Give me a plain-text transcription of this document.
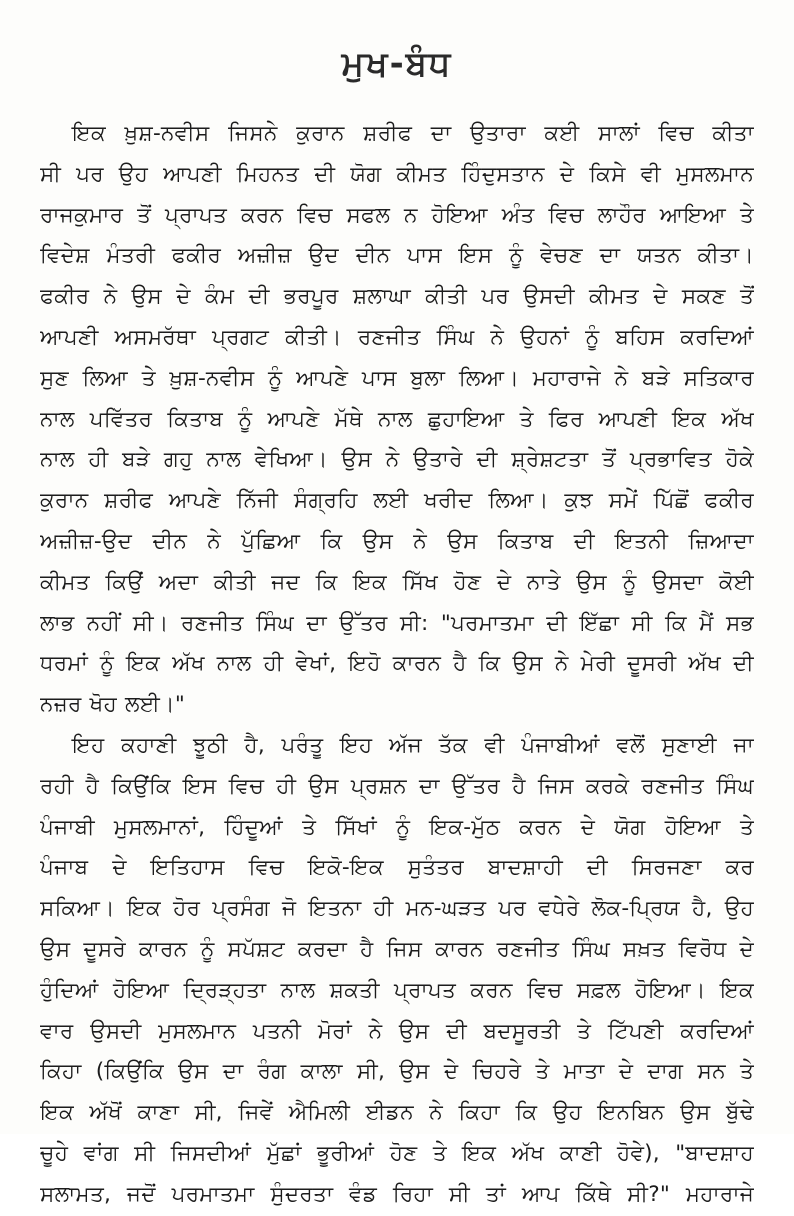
ਮੁਖ-ਬੰਧ

ਇਕ ਖ਼ੁਸ਼-ਨਵੀਸ ਜਿਸਨੇ ਕੁਰਾਨ ਸ਼ਰੀਫ ਦਾ ਉਤਾਰਾ ਕਈ ਸਾਲਾਂ ਵਿਚ ਕੀਤਾ
ਸੀ ਪਰ ਉਹ ਆਪਣੀ ਮਿਹਨਤ ਦੀ ਯੋਗ ਕੀਮਤ ਹਿੰਦੁਸਤਾਨ ਦੇ ਕਿਸੇ ਵੀ ਮੁਸਲਮਾਨ
ਰਾਜਕੁਮਾਰ ਤੋਂ ਪ੍ਰਾਪਤ ਕਰਨ ਵਿਚ ਸਫਲ ਨ ਹੋਇਆ ਅੰਤ ਵਿਚ ਲਾਹੌਰ ਆਇਆ ਤੇ
ਵਿਦੇਸ਼ ਮੰਤਰੀ ਫਕੀਰ ਅਜ਼ੀਜ਼ ਉਦ ਦੀਨ ਪਾਸ ਇਸ ਨੂੰ ਵੇਚਣ ਦਾ ਯਤਨ ਕੀਤਾ।
ਫਕੀਰ ਨੇ ਉਸ ਦੇ ਕੰਮ ਦੀ ਭਰਪੂਰ ਸ਼ਲਾਘਾ ਕੀਤੀ ਪਰ ਉਸਦੀ ਕੀਮਤ ਦੇ ਸਕਣ ਤੋਂ
ਆਪਣੀ ਅਸਮਰੱਥਾ ਪ੍ਰਗਟ ਕੀਤੀ। ਰਣਜੀਤ ਸਿੰਘ ਨੇ ਉਹਨਾਂ ਨੂੰ ਬਹਿਸ ਕਰਦਿਆਂ
ਸੁਣ ਲਿਆ ਤੇ ਖ਼ੁਸ਼-ਨਵੀਸ ਨੂੰ ਆਪਣੇ ਪਾਸ ਬੁਲਾ ਲਿਆ। ਮਹਾਰਾਜੇ ਨੇ ਬੜੇ ਸਤਿਕਾਰ
ਨਾਲ ਪਵਿੱਤਰ ਕਿਤਾਬ ਨੂੰ ਆਪਣੇ ਮੱਥੇ ਨਾਲ ਛੁਹਾਇਆ ਤੇ ਫਿਰ ਆਪਣੀ ਇਕ ਅੱਖ
ਨਾਲ ਹੀ ਬੜੇ ਗਹੁ ਨਾਲ ਵੇਖਿਆ। ਉਸ ਨੇ ਉਤਾਰੇ ਦੀ ਸ਼੍ਰੇਸ਼ਟਤਾ ਤੋਂ ਪ੍ਰਭਾਵਿਤ ਹੋਕੇ
ਕੁਰਾਨ ਸ਼ਰੀਫ ਆਪਣੇ ਨਿੱਜੀ ਸੰਗ੍ਰਹਿ ਲਈ ਖਰੀਦ ਲਿਆ। ਕੁਝ ਸਮੇਂ ਪਿੱਛੋਂ ਫਕੀਰ
ਅਜ਼ੀਜ਼-ਉਦ ਦੀਨ ਨੇ ਪੁੱਛਿਆ ਕਿ ਉਸ ਨੇ ਉਸ ਕਿਤਾਬ ਦੀ ਇਤਨੀ ਜ਼ਿਆਦਾ
ਕੀਮਤ ਕਿਉਂ ਅਦਾ ਕੀਤੀ ਜਦ ਕਿ ਇਕ ਸਿੱਖ ਹੋਣ ਦੇ ਨਾਤੇ ਉਸ ਨੂੰ ਉਸਦਾ ਕੋਈ
ਲਾਭ ਨਹੀਂ ਸੀ। ਰਣਜੀਤ ਸਿੰਘ ਦਾ ਉੱਤਰ ਸੀ: "ਪਰਮਾਤਮਾ ਦੀ ਇੱਛਾ ਸੀ ਕਿ ਮੈਂ ਸਭ
ਧਰਮਾਂ ਨੂੰ ਇਕ ਅੱਖ ਨਾਲ ਹੀ ਵੇਖਾਂ, ਇਹੋ ਕਾਰਨ ਹੈ ਕਿ ਉਸ ਨੇ ਮੇਰੀ ਦੂਸਰੀ ਅੱਖ ਦੀ
ਨਜ਼ਰ ਖੋਹ ਲਈ।"

ਇਹ ਕਹਾਣੀ ਝੂਠੀ ਹੈ, ਪਰੰਤੂ ਇਹ ਅੱਜ ਤੱਕ ਵੀ ਪੰਜਾਬੀਆਂ ਵਲੋਂ ਸੁਣਾਈ ਜਾ
ਰਹੀ ਹੈ ਕਿਉਂਕਿ ਇਸ ਵਿਚ ਹੀ ਉਸ ਪ੍ਰਸ਼ਨ ਦਾ ਉੱਤਰ ਹੈ ਜਿਸ ਕਰਕੇ ਰਣਜੀਤ ਸਿੰਘ
ਪੰਜਾਬੀ ਮੁਸਲਮਾਨਾਂ, ਹਿੰਦੂਆਂ ਤੇ ਸਿੱਖਾਂ ਨੂੰ ਇਕ-ਮੁੱਠ ਕਰਨ ਦੇ ਯੋਗ ਹੋਇਆ ਤੇ
ਪੰਜਾਬ ਦੇ ਇਤਿਹਾਸ ਵਿਚ ਇਕੋ-ਇਕ ਸੁਤੰਤਰ ਬਾਦਸ਼ਾਹੀ ਦੀ ਸਿਰਜਣਾ ਕਰ
ਸਕਿਆ। ਇਕ ਹੋਰ ਪ੍ਰਸੰਗ ਜੋ ਇਤਨਾ ਹੀ ਮਨ-ਘੜਤ ਪਰ ਵਧੇਰੇ ਲੋਕ-ਪ੍ਰਿਯ ਹੈ, ਉਹ
ਉਸ ਦੂਸਰੇ ਕਾਰਨ ਨੂੰ ਸਪੱਸ਼ਟ ਕਰਦਾ ਹੈ ਜਿਸ ਕਾਰਨ ਰਣਜੀਤ ਸਿੰਘ ਸਖ਼ਤ ਵਿਰੋਧ ਦੇ
ਹੁੰਦਿਆਂ ਹੋਇਆ ਦ੍ਰਿੜ੍ਹਤਾ ਨਾਲ ਸ਼ਕਤੀ ਪ੍ਰਾਪਤ ਕਰਨ ਵਿਚ ਸਫ਼ਲ ਹੋਇਆ। ਇਕ
ਵਾਰ ਉਸਦੀ ਮੁਸਲਮਾਨ ਪਤਨੀ ਮੋਰਾਂ ਨੇ ਉਸ ਦੀ ਬਦਸੂਰਤੀ ਤੇ ਟਿੱਪਣੀ ਕਰਦਿਆਂ
ਕਿਹਾ (ਕਿਉਂਕਿ ਉਸ ਦਾ ਰੰਗ ਕਾਲਾ ਸੀ, ਉਸ ਦੇ ਚਿਹਰੇ ਤੇ ਮਾਤਾ ਦੇ ਦਾਗ ਸਨ ਤੇ
ਇਕ ਅੱਖੋਂ ਕਾਣਾ ਸੀ, ਜਿਵੇਂ ਐਮਿਲੀ ਈਡਨ ਨੇ ਕਿਹਾ ਕਿ ਉਹ ਇਨਬਿਨ ਉਸ ਬੁੱਢੇ
ਚੂਹੇ ਵਾਂਗ ਸੀ ਜਿਸਦੀਆਂ ਮੁੱਛਾਂ ਭੂਰੀਆਂ ਹੋਣ ਤੇ ਇਕ ਅੱਖ ਕਾਣੀ ਹੋਵੇ), "ਬਾਦਸ਼ਾਹ
ਸਲਾਮਤ, ਜਦੋਂ ਪਰਮਾਤਮਾ ਸੁੰਦਰਤਾ ਵੰਡ ਰਿਹਾ ਸੀ ਤਾਂ ਆਪ ਕਿੱਥੇ ਸੀ?" ਮਹਾਰਾਜੇ
